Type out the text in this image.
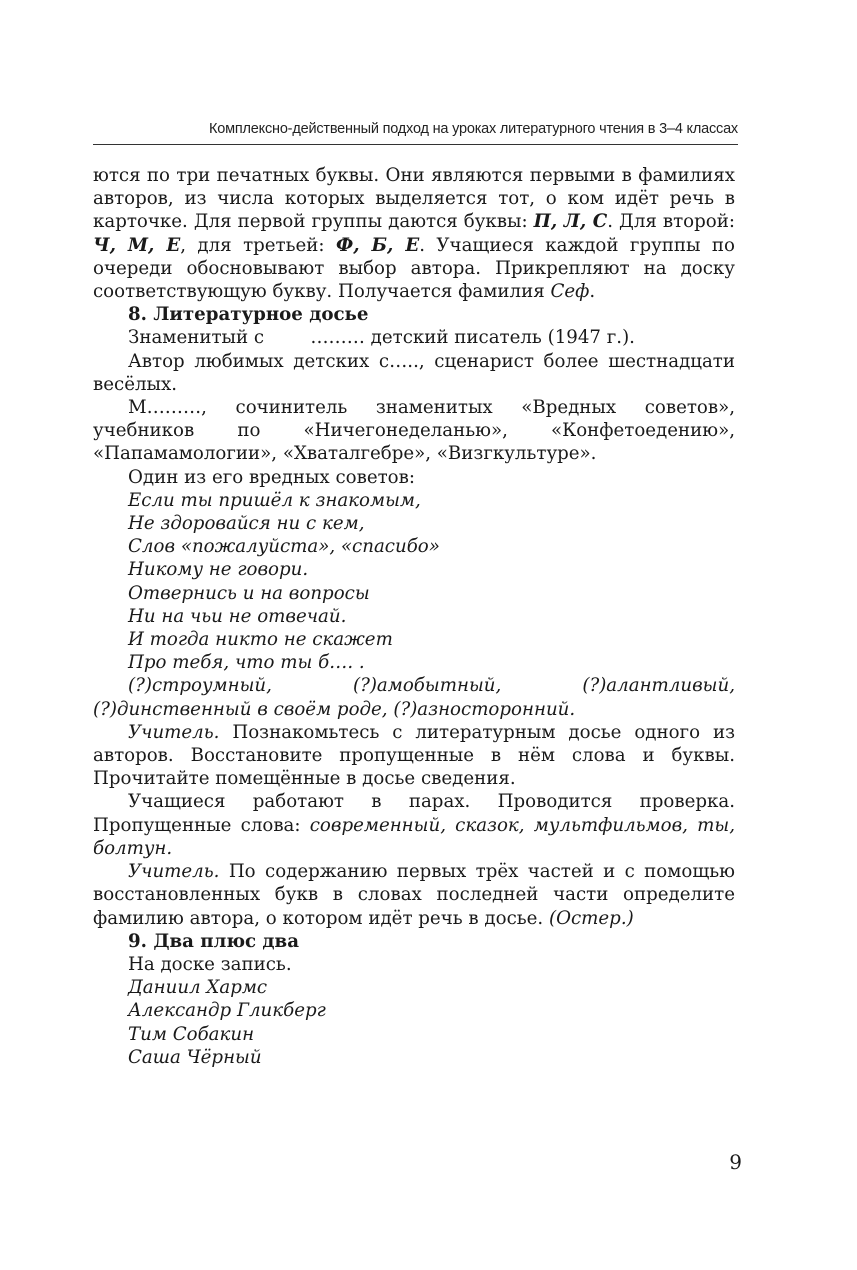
Комплексно-действенный подход на уроках литературного чтения в 3–4 классах

ются по три печатных буквы. Они являются первыми в фамилиях авторов, из числа которых выделяется тот, о ком идёт речь в карточке. Для первой группы даются буквы: П, Л, С. Для второй: Ч, М, Е, для третьей: Ф, Б, Е. Учащиеся каждой группы по очереди обосновывают выбор автора. Прикрепляют на доску соответствующую букву. Получается фамилия Сеф.

8. Литературное досье

Знаменитый с        ……… детский писатель (1947 г.).

Автор любимых детских с….., сценарист более шестнадцати весёлых.

М………, сочинитель знаменитых «Вредных советов», учебников по «Ничегонеделанью», «Конфетоедению», «Папамамологии», «Хваталгебре», «Визгкультуре».

Один из его вредных советов:

Если ты пришёл к знакомым,

Не здоровайся ни с кем,

Слов «пожалуйста», «спасибо»

Никому не говори.

Отвернись и на вопросы

Ни на чьи не отвечай.

И тогда никто не скажет

Про тебя, что ты б…. .

(?)строумный, (?)амобытный, (?)алантливый, (?)динственный в своём роде, (?)азносторонний.

Учитель. Познакомьтесь с литературным досье одного из авторов. Восстановите пропущенные в нём слова и буквы. Прочитайте помещённые в досье сведения.

Учащиеся работают в парах. Проводится проверка. Пропущенные слова: современный, сказок, мультфильмов, ты, болтун.

Учитель. По содержанию первых трёх частей и с помощью восстановленных букв в словах последней части определите фамилию автора, о котором идёт речь в досье. (Остер.)

9. Два плюс два

На доске запись.

Даниил Хармс

Александр Гликберг

Тим Собакин

Саша Чёрный

9
